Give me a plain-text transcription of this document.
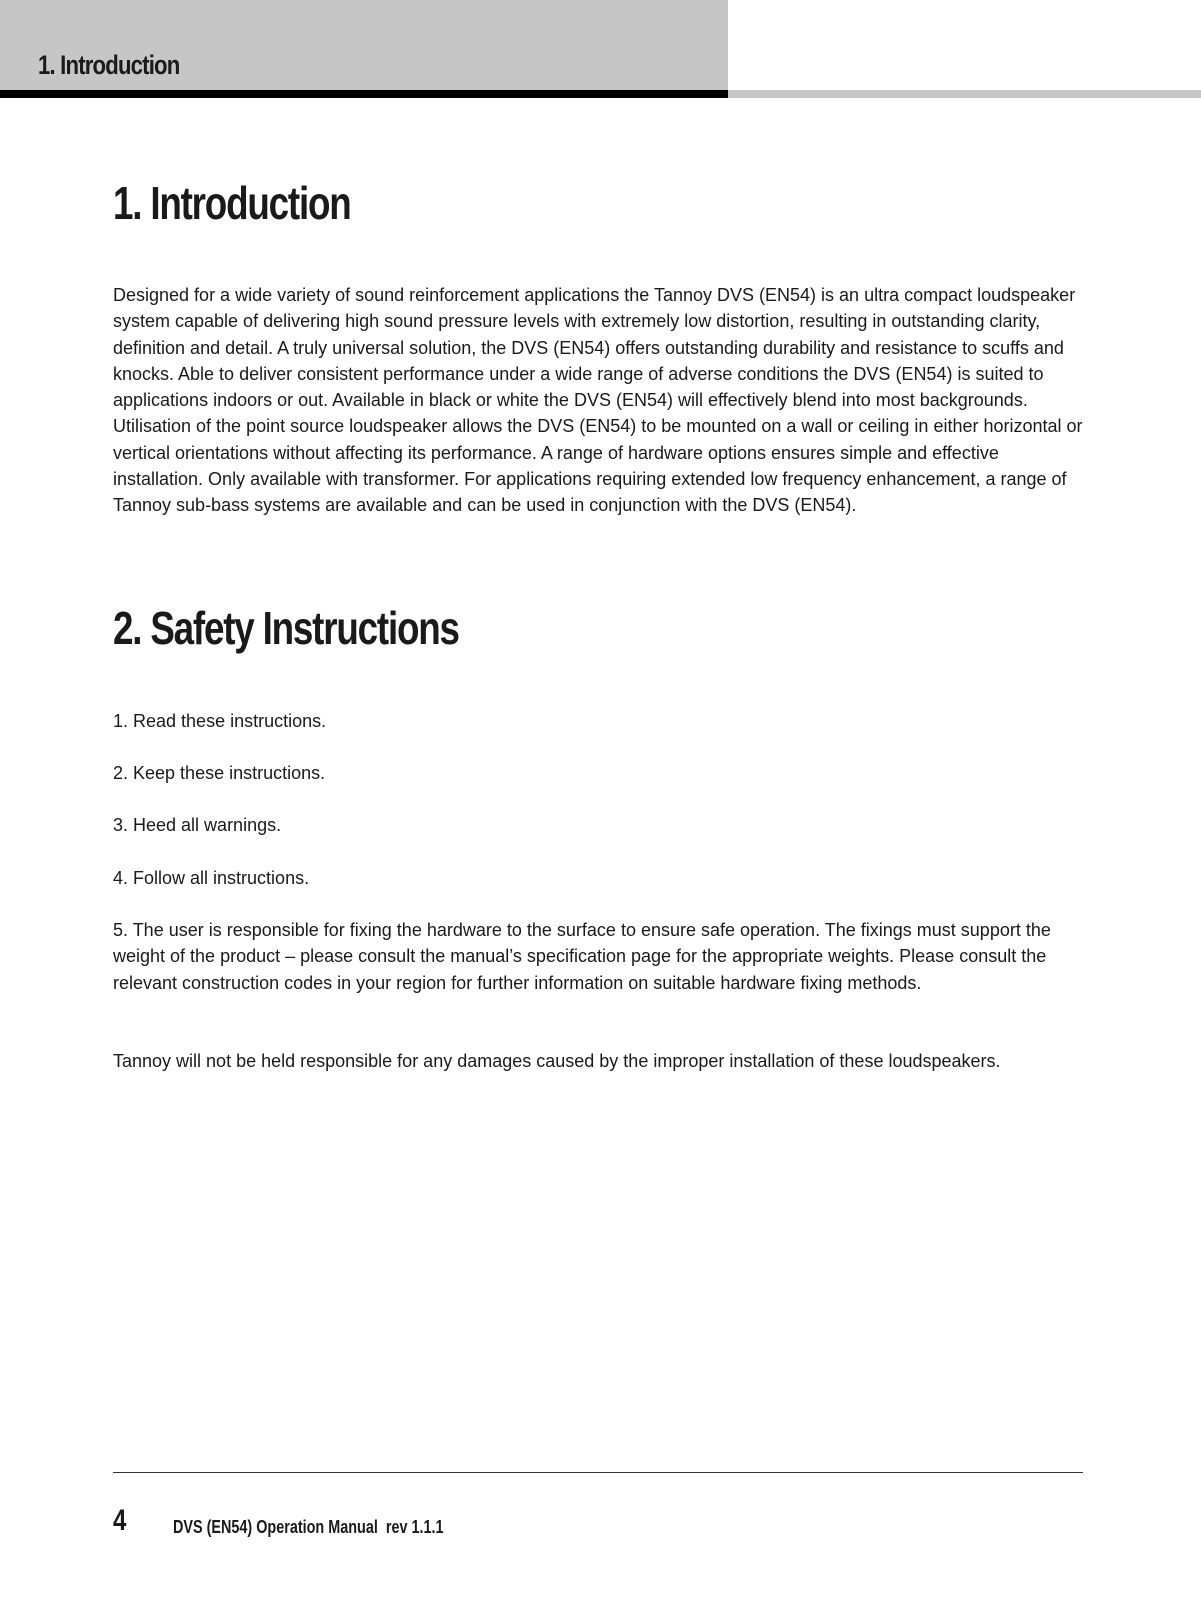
1. Introduction
1. Introduction

Designed for a wide variety of sound reinforcement applications the Tannoy DVS (EN54) is an ultra compact loudspeaker system capable of delivering high sound pressure levels with extremely low distortion, resulting in outstanding clarity, definition and detail. A truly universal solution, the DVS (EN54) offers outstanding durability and resistance to scuffs and knocks. Able to deliver consistent performance under a wide range of adverse conditions the DVS (EN54) is suited to applications indoors or out. Available in black or white the DVS (EN54) will effectively blend into most backgrounds. Utilisation of the point source loudspeaker allows the DVS (EN54) to be mounted on a wall or ceiling in either horizontal or vertical orientations without affecting its performance. A range of hardware options ensures simple and effective installation. Only available with transformer. For applications requiring extended low frequency enhancement, a range of Tannoy sub-bass systems are available and can be used in conjunction with the DVS (EN54).

2. Safety Instructions

1. Read these instructions.

2. Keep these instructions.

3. Heed all warnings.

4. Follow all instructions.

5. The user is responsible for fixing the hardware to the surface to ensure safe operation. The fixings must support the weight of the product – please consult the manual’s specification page for the appropriate weights. Please consult the relevant construction codes in your region for further information on suitable hardware fixing methods.

Tannoy will not be held responsible for any damages caused by the improper installation of these loudspeakers.

4	DVS (EN54) Operation Manual  rev 1.1.1
